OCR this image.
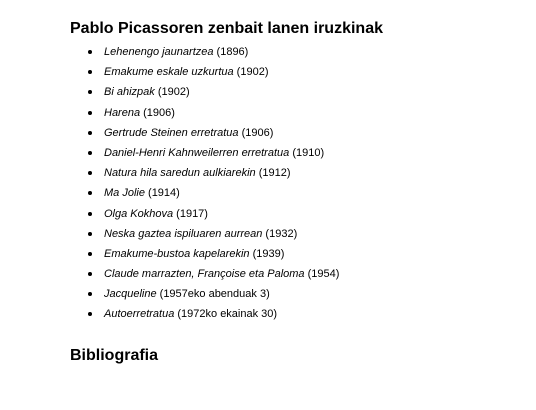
Pablo Picassoren zenbait lanen iruzkinak
Lehenengo jaunartzea (1896)
Emakume eskale uzkurtua (1902)
Bi ahizpak (1902)
Harena (1906)
Gertrude Steinen erretratua (1906)
Daniel-Henri Kahnweilerren erretratua (1910)
Natura hila saredun aulkiarekin (1912)
Ma Jolie (1914)
Olga Kokhova (1917)
Neska gaztea ispiluaren aurrean (1932)
Emakume-bustoa kapelarekin (1939)
Claude marrazten, Françoise eta Paloma (1954)
Jacqueline (1957eko abenduak 3)
Autoerretratua (1972ko ekainak 30)
Bibliografia
